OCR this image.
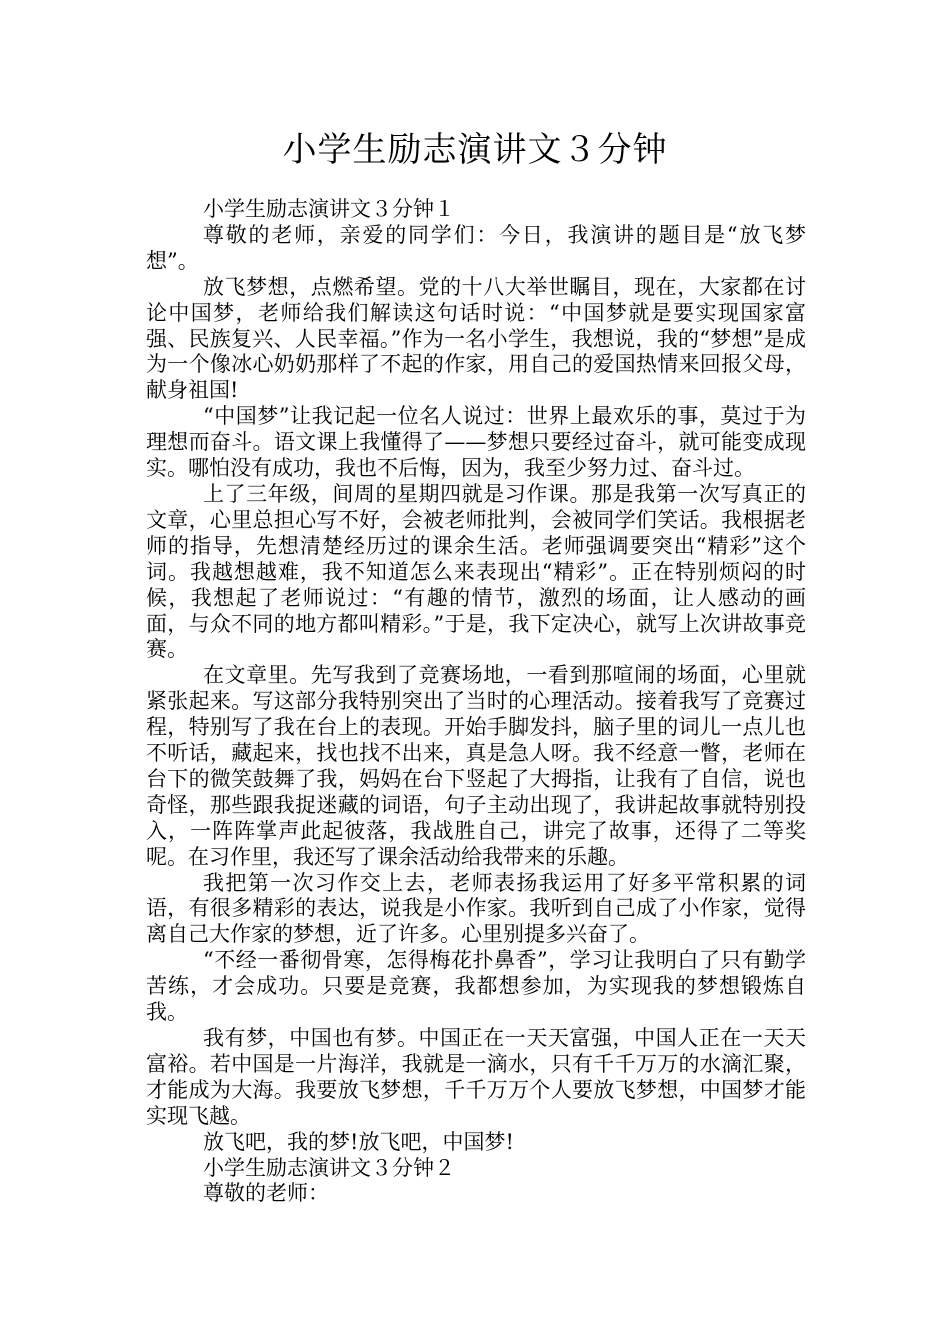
小学生励志演讲文３分钟

小学生励志演讲文３分钟１

尊敬的老师，亲爱的同学们：今日，我演讲的题目是“放飞梦想”。

放飞梦想，点燃希望。党的十八大举世瞩目，现在，大家都在讨论中国梦，老师给我们解读这句话时说：“中国梦就是要实现国家富强、民族复兴、人民幸福。”作为一名小学生，我想说，我的“梦想”是成为一个像冰心奶奶那样了不起的作家，用自己的爱国热情来回报父母，献身祖国!

“中国梦”让我记起一位名人说过：世界上最欢乐的事，莫过于为理想而奋斗。语文课上我懂得了——梦想只要经过奋斗，就可能变成现实。哪怕没有成功，我也不后悔，因为，我至少努力过、奋斗过。

上了三年级，间周的星期四就是习作课。那是我第一次写真正的文章，心里总担心写不好，会被老师批判，会被同学们笑话。我根据老师的指导，先想清楚经历过的课余生活。老师强调要突出“精彩”这个词。我越想越难，我不知道怎么来表现出“精彩”。正在特别烦闷的时候，我想起了老师说过：“有趣的情节，激烈的场面，让人感动的画面，与众不同的地方都叫精彩。”于是，我下定决心，就写上次讲故事竞赛。

在文章里。先写我到了竞赛场地，一看到那喧闹的场面，心里就紧张起来。写这部分我特别突出了当时的心理活动。接着我写了竞赛过程，特别写了我在台上的表现。开始手脚发抖，脑子里的词儿一点儿也不听话，藏起来，找也找不出来，真是急人呀。我不经意一瞥，老师在台下的微笑鼓舞了我，妈妈在台下竖起了大拇指，让我有了自信，说也奇怪，那些跟我捉迷藏的词语，句子主动出现了，我讲起故事就特别投入，一阵阵掌声此起彼落，我战胜自己，讲完了故事，还得了二等奖呢。在习作里，我还写了课余活动给我带来的乐趣。

我把第一次习作交上去，老师表扬我运用了好多平常积累的词语，有很多精彩的表达，说我是小作家。我听到自己成了小作家，觉得离自己大作家的梦想，近了许多。心里别提多兴奋了。

“不经一番彻骨寒，怎得梅花扑鼻香”，学习让我明白了只有勤学苦练，才会成功。只要是竞赛，我都想参加，为实现我的梦想锻炼自我。

我有梦，中国也有梦。中国正在一天天富强，中国人正在一天天富裕。若中国是一片海洋，我就是一滴水，只有千千万万的水滴汇聚，才能成为大海。我要放飞梦想，千千万万个人要放飞梦想，中国梦才能实现飞越。

放飞吧，我的梦!放飞吧，中国梦!

小学生励志演讲文３分钟２

尊敬的老师：
